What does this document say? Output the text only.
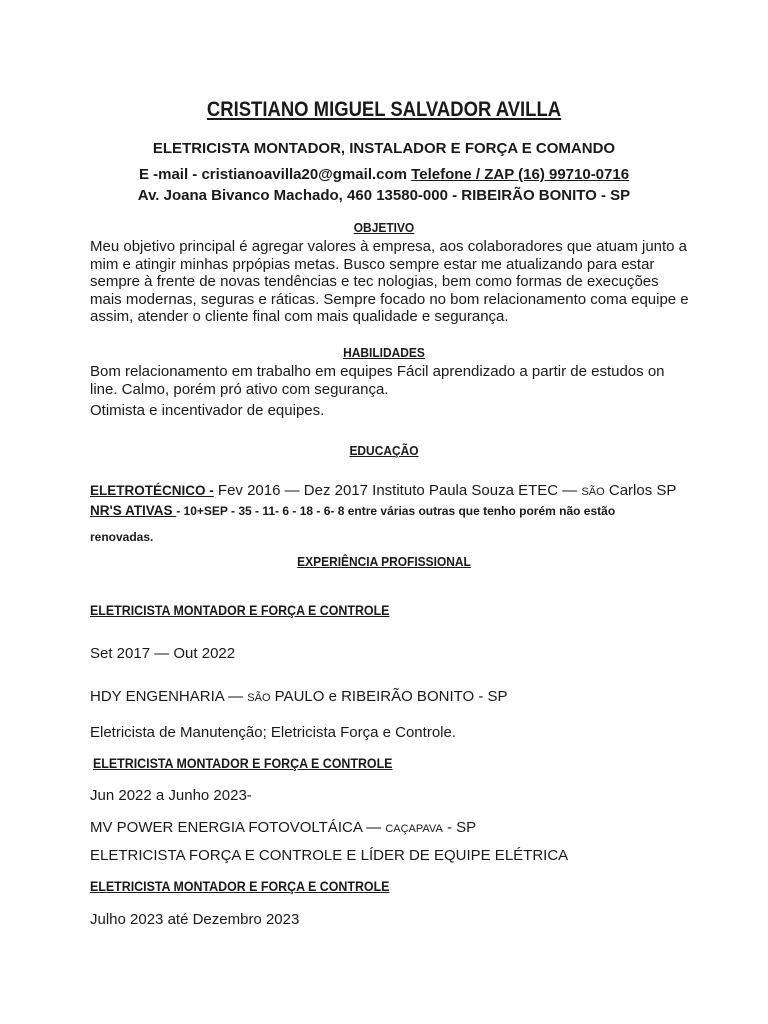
CRISTIANO MIGUEL SALVADOR AVILLA
ELETRICISTA MONTADOR, INSTALADOR E FORÇA E COMANDO
E -mail - cristianoavilla20@gmail.com Telefone / ZAP (16) 99710-0716
Av. Joana Bivanco Machado, 460 13580-000 - RIBEIRÃO BONITO - SP
OBJETIVO
Meu objetivo principal é agregar valores à empresa, aos colaboradores que atuam junto a mim e atingir minhas prpópias metas. Busco sempre estar me atualizando para estar sempre à frente de novas tendências e tec nologias, bem como formas de execuções mais modernas, seguras e ráticas. Sempre focado no bom relacionamento coma equipe e assim, atender o cliente final com mais qualidade e segurança.
HABILIDADES
Bom relacionamento em trabalho em equipes Fácil aprendizado a partir de estudos on line. Calmo, porém pró ativo com segurança.
Otimista e incentivador de equipes.
EDUCAÇÃO
ELETROTÉCNICO - Fev 2016 — Dez 2017 Instituto Paula Souza ETEC — são Carlos SP
NR'S ATIVAS - 10+SEP - 35 - 11- 6 - 18 - 6- 8 entre várias outras que tenho porém não estão
renovadas.
EXPERIÊNCIA PROFISSIONAL
ELETRICISTA MONTADOR E FORÇA E CONTROLE
Set 2017 — Out 2022
HDY ENGENHARIA — são PAULO e RIBEIRÃO BONITO - SP
Eletricista de Manutenção; Eletricista Força e Controle.
ELETRICISTA MONTADOR E FORÇA E CONTROLE
Jun 2022 a Junho 2023-
MV POWER ENERGIA FOTOVOLTÁICA — caçapava - SP
ELETRICISTA FORÇA E CONTROLE E LÍDER DE EQUIPE ELÉTRICA
ELETRICISTA MONTADOR E FORÇA E CONTROLE
Julho 2023 até Dezembro 2023
